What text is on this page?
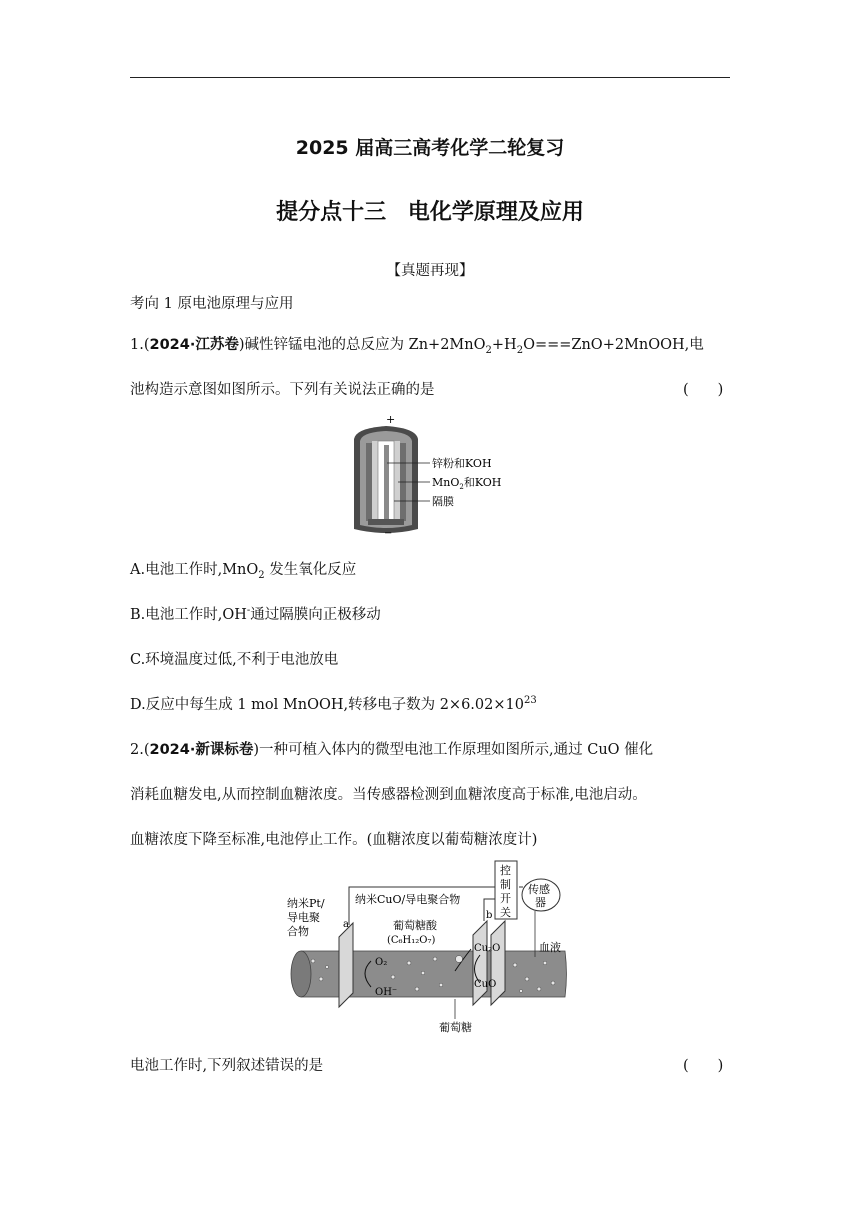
2025 届高三高考化学二轮复习
提分点十三 电化学原理及应用
【真题再现】
考向 1 原电池原理与应用
1.(2024·江苏卷)碱性锌锰电池的总反应为 $Zn+2MnO_2+H_2O===ZnO+2MnOOH$,电
池构造示意图如图所示。下列有关说法正确的是	(　　)
+
−
锌粉和KOH
MnO$_2$和KOH
隔膜
A.电池工作时,MnO$_2$ 发生氧化反应
B.电池工作时,OH-通过隔膜向正极移动
C.环境温度过低,不利于电池放电
D.反应中每生成 1 mol MnOOH,转移电子数为 $2\times 6.02\times 10^{23}$
2.(2024·新课标卷)一种可植入体内的微型电池工作原理如图所示,通过 CuO 催化
消耗血糖发电,从而控制血糖浓度。当传感器检测到血糖浓度高于标准,电池启动。
血糖浓度下降至标准,电池停止工作。(血糖浓度以葡萄糖浓度计)
控
制
开
关
传感
器
纳米Pt/
导电聚
合物
a
纳米CuO/导电聚合物
b
葡萄糖酸
(C₆H₁₂O₇)
Cu₂O
CuO
O₂
OH⁻
血液
葡萄糖
电池工作时,下列叙述错误的是	(　　)
